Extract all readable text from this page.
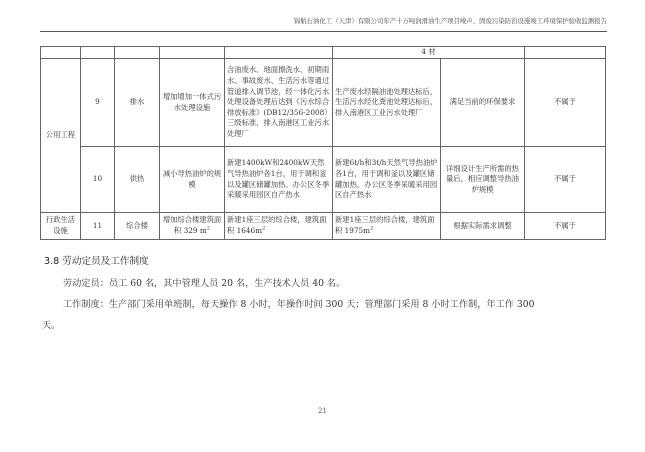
锦航石油化工（天津）有限公司年产十万吨润滑油生产项目噪声、固废污染防治设施竣工环境保护验收监测报告
					4 材		
公用工程	9	排水	增加增加一体式污水处理设施	含油废水、地面擦洗水、初期雨水、事故废水、生活污水等通过管道排入调节池，经一体化污水处理设备处理后达到《污水综合排放标准》(DB12/356-2008）三级标准，排入南港区工业污水处理厂	生产废水经隔油池处理达标后，生活污水经化粪池处理达标后，排入南港区工业污水处理厂	满足当前的环保要求	不属于
	10	供热	减小导热油炉的规模	新建1400kW和2400kW天然气导热油炉各1台，用于调和釜以及罐区储罐加热。办公区冬季采暖采用园区自产热水	新建6t/h和3t/h天然气导热油炉各1台，用于调和釜以及罐区储罐加热。办公区冬季采暖采用园区自产热水	详细设计生产所需的热量后，相应调整导热油炉规模	不属于
行政生活设施	11	综合楼	增加综合楼建筑面积 329 $m^2$	新建1座三层的综合楼，建筑面积 $1646m^2$	新建1座三层的综合楼，建筑面积 $1975m^2$	根据实际需求调整	不属于
3.8 劳动定员及工作制度
劳动定员：员工 60 名，其中管理人员 20 名，生产技术人员 40 名。
工作制度：生产部门采用单班制，每天操作 8 小时，年操作时间 300 天；管理部门采用 8 小时工作制，年工作 300
天。
21
